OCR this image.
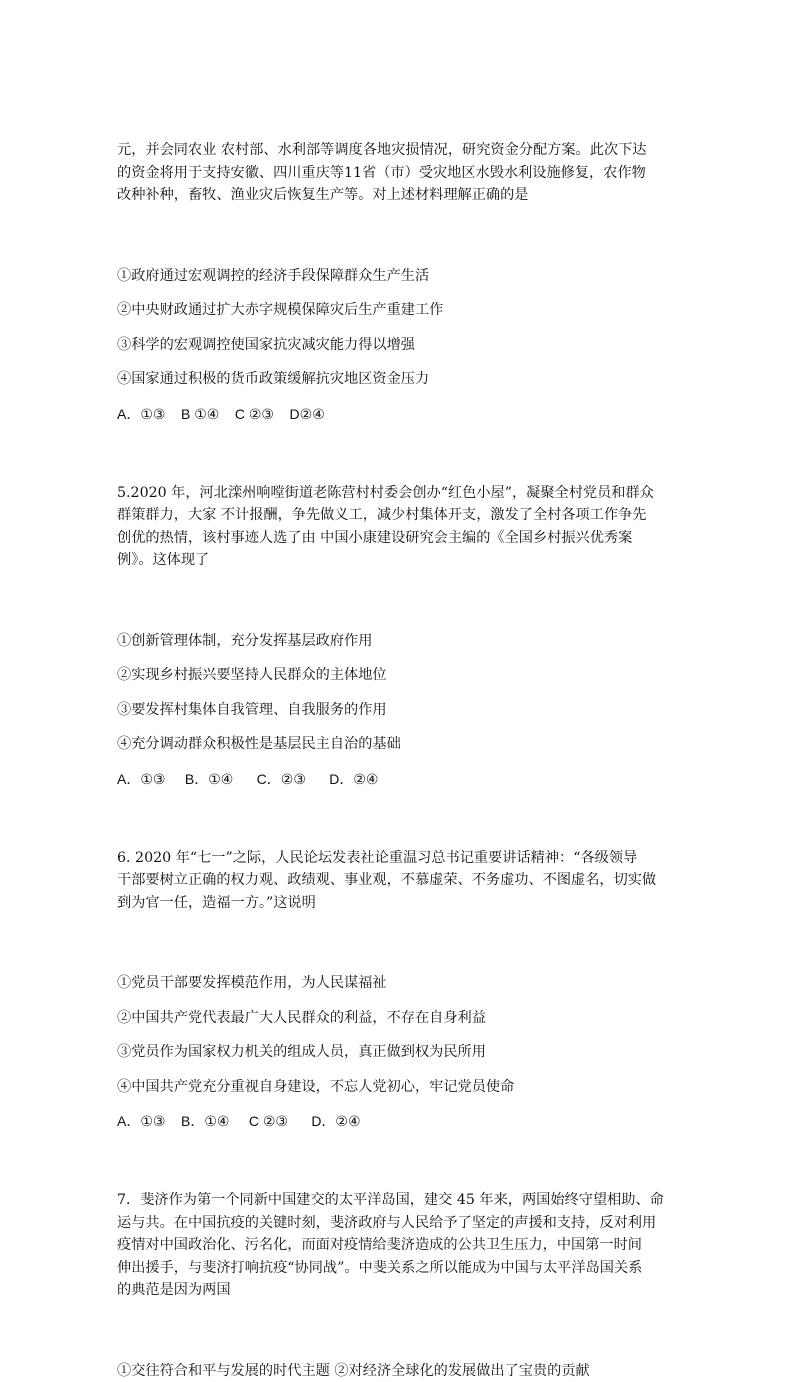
元，并会同农业 农村部、水利部等调度各地灾损情况，研究资金分配方案。此次下达
的资金将用于支持安徽、四川重庆等11省（市）受灾地区水毁水利设施修复，农作物
改种补种，畜牧、渔业灾后恢复生产等。对上述材料理解正确的是

①政府通过宏观调控的经济手段保障群众生产生活

②中央财政通过扩大赤字规模保障灾后生产重建工作

③科学的宏观调控使国家抗灾减灾能力得以增强

④国家通过积极的货币政策缓解抗灾地区资金压力

A．①③    B ①④    C ②③    D②④

5.2020 年，河北滦州响嘡街道老陈营村村委会创办“红色小屋”，凝聚全村党员和群众
群策群力，大家 不计报酬，争先做义工，减少村集体开支，激发了全村各项工作争先
创优的热情，该村事迹人选了由 中国小康建设研究会主编的《全国乡村振兴优秀案
例》。这体现了

①创新管理体制，充分发挥基层政府作用

②实现乡村振兴要坚持人民群众的主体地位

③要发挥村集体自我管理、自我服务的作用

④充分调动群众积极性是基层民主自治的基础

A．①③     B．①④      C．②③      D．②④

6. 2020 年“七一”之际，人民论坛发表社论重温习总书记重要讲话精神：“各级领导
干部要树立正确的权力观、政绩观、事业观，不慕虚荣、不务虚功、不图虚名，切实做
到为官一任，造福一方。”这说明

①党员干部要发挥模范作用，为人民谋福祉

②中国共产党代表最广大人民群众的利益，不存在自身利益

③党员作为国家权力机关的组成人员，真正做到权为民所用

④中国共产党充分重视自身建设，不忘人党初心，牢记党员使命

A．①③    B．①④     C ②③      D．②④

7．斐济作为第一个同新中国建交的太平洋岛国，建交 45 年来，两国始终守望相助、命
运与共。在中国抗疫的关键时刻，斐济政府与人民给予了坚定的声援和支持，反对利用
疫情对中国政治化、污名化，而面对疫情给斐济造成的公共卫生压力，中国第一时间
伸出援手，与斐济打响抗疫“协同战”。中斐关系之所以能成为中国与太平洋岛国关系
的典范是因为两国

①交往符合和平与发展的时代主题 ②对经济全球化的发展做出了宝贵的贡献
